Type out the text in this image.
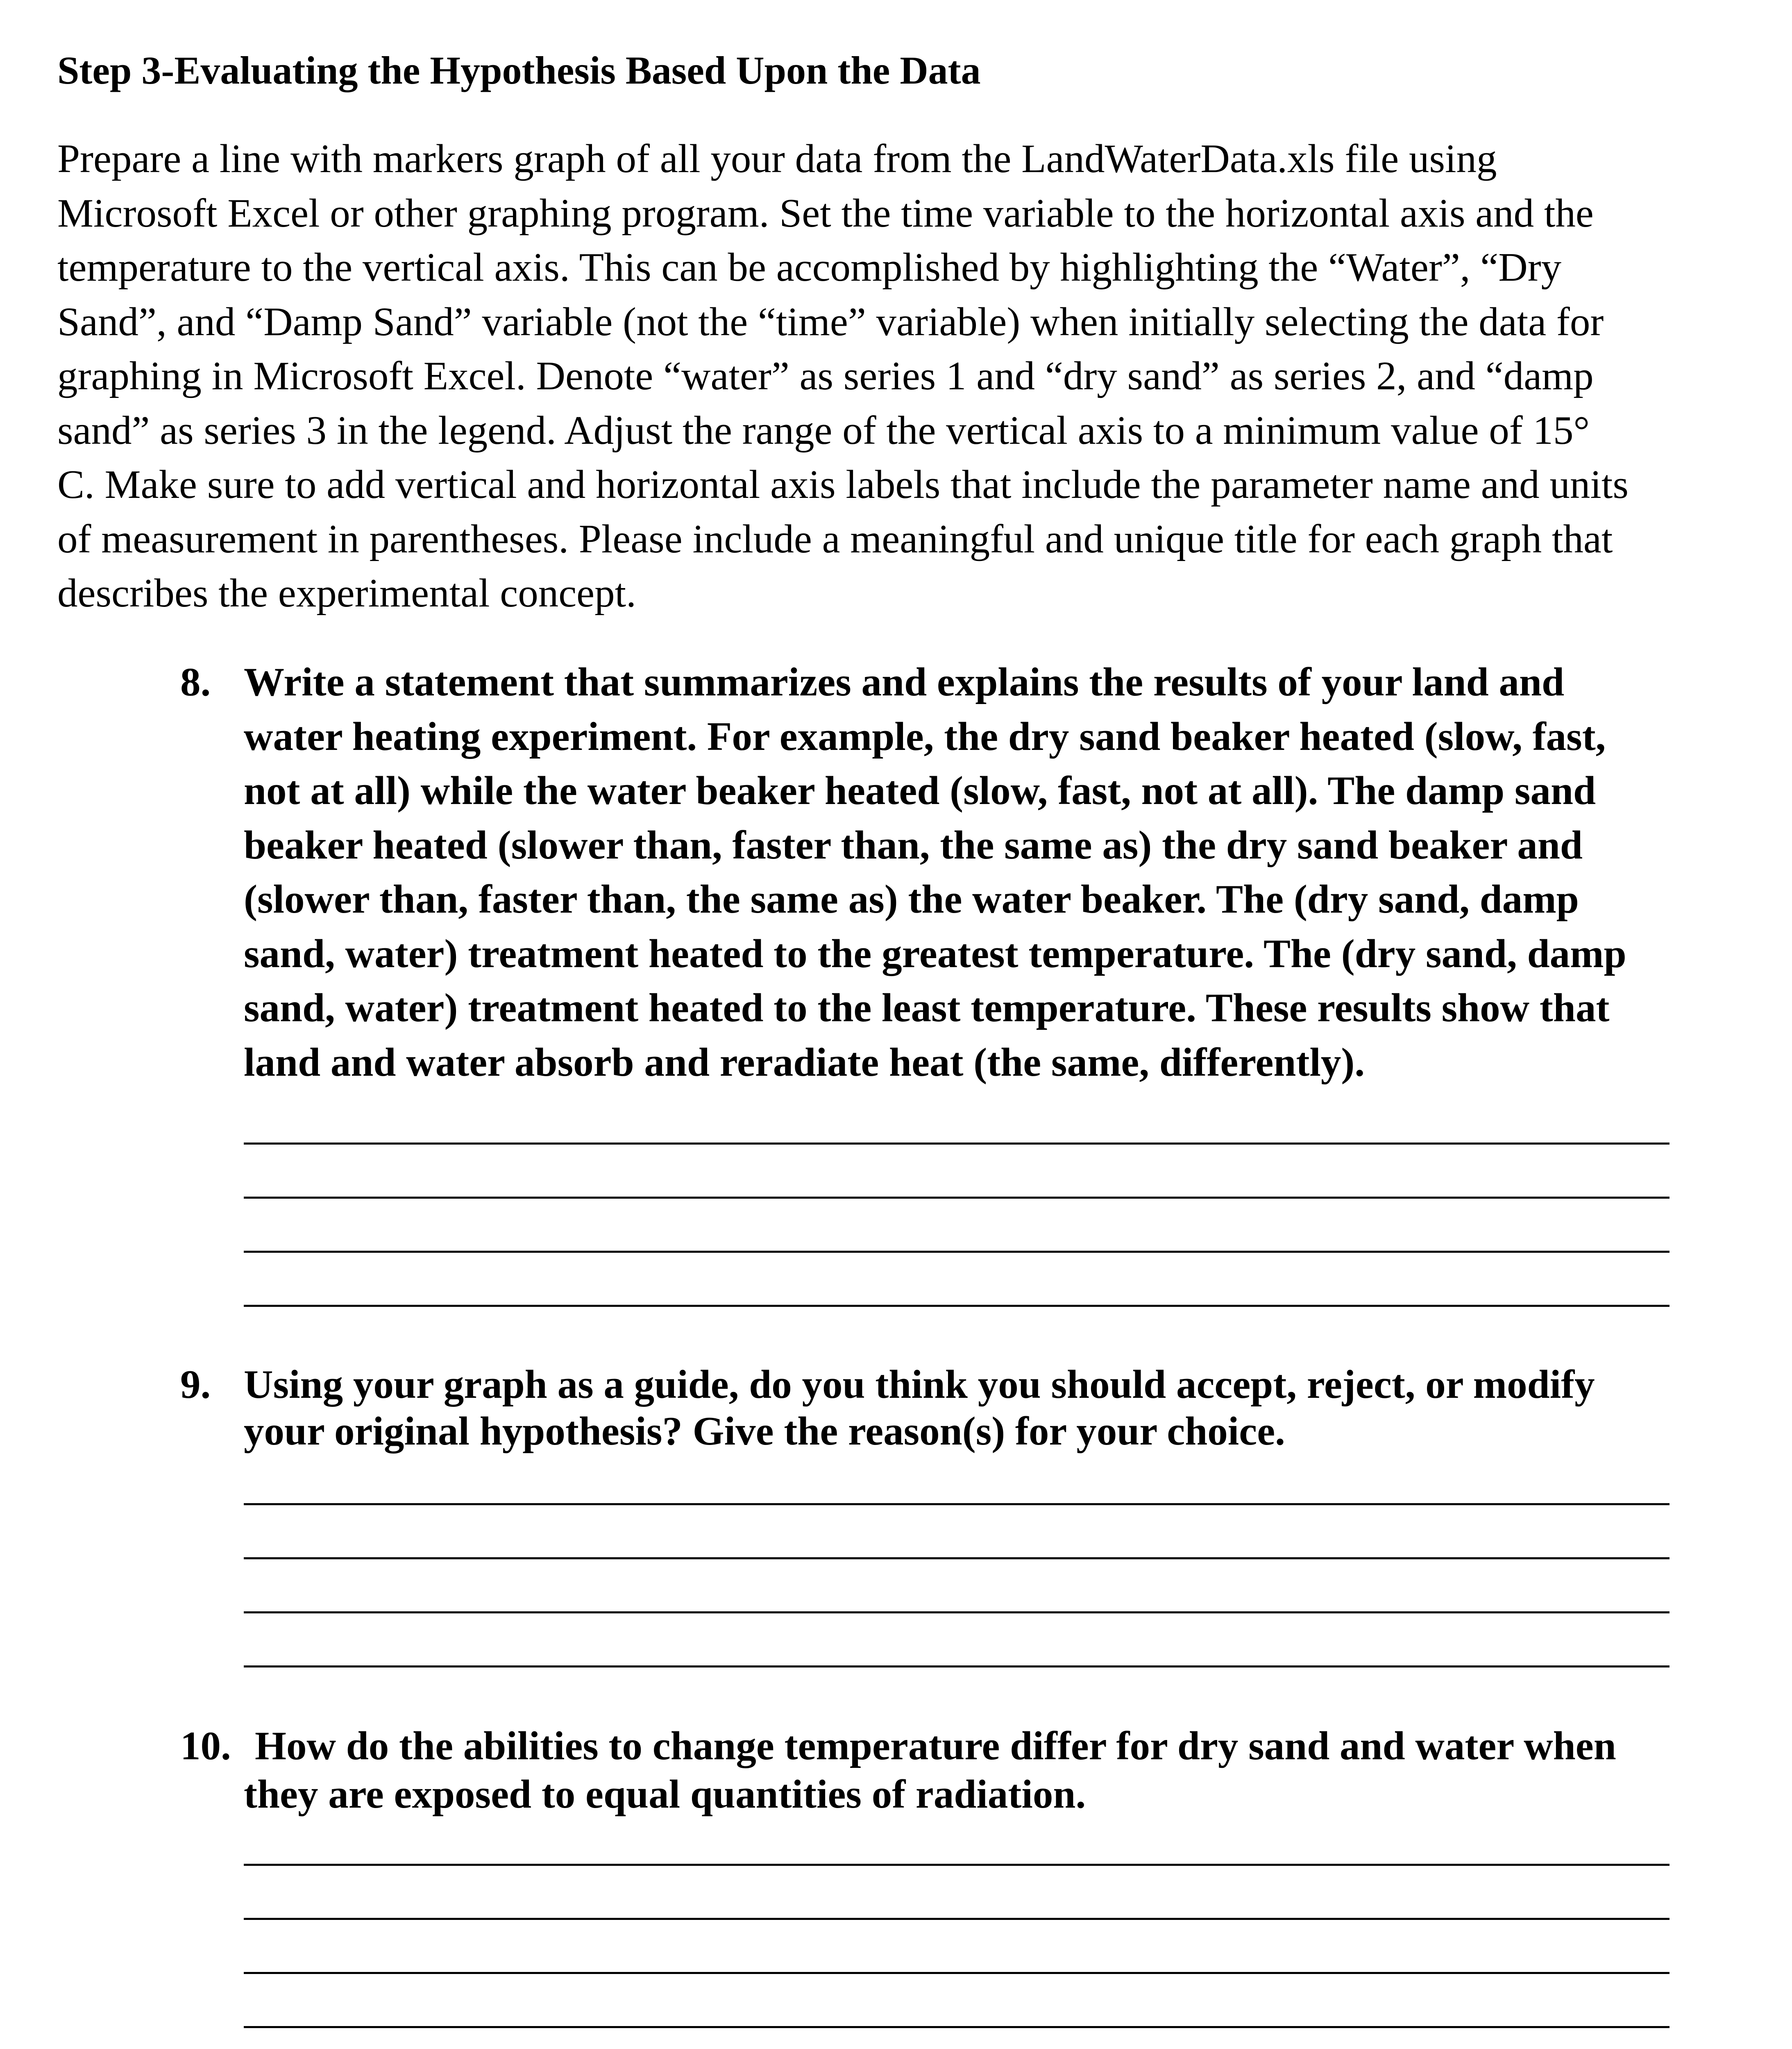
Step 3-Evaluating the Hypothesis Based Upon the Data
Prepare a line with markers graph of all your data from the LandWaterData.xls file using
Microsoft Excel or other graphing program. Set the time variable to the horizontal axis and the
temperature to the vertical axis. This can be accomplished by highlighting the “Water”, “Dry
Sand”, and “Damp Sand” variable (not the “time” variable) when initially selecting the data for
graphing in Microsoft Excel. Denote “water” as series 1 and “dry sand” as series 2, and “damp
sand” as series 3 in the legend. Adjust the range of the vertical axis to a minimum value of 15°
C. Make sure to add vertical and horizontal axis labels that include the parameter name and units
of measurement in parentheses. Please include a meaningful and unique title for each graph that
describes the experimental concept.
8. Write a statement that summarizes and explains the results of your land and
water heating experiment. For example, the dry sand beaker heated (slow, fast,
not at all) while the water beaker heated (slow, fast, not at all). The damp sand
beaker heated (slower than, faster than, the same as) the dry sand beaker and
(slower than, faster than, the same as) the water beaker. The (dry sand, damp
sand, water) treatment heated to the greatest temperature. The (dry sand, damp
sand, water) treatment heated to the least temperature. These results show that
land and water absorb and reradiate heat (the same, differently).
9. Using your graph as a guide, do you think you should accept, reject, or modify
your original hypothesis? Give the reason(s) for your choice.
10. How do the abilities to change temperature differ for dry sand and water when
they are exposed to equal quantities of radiation.
